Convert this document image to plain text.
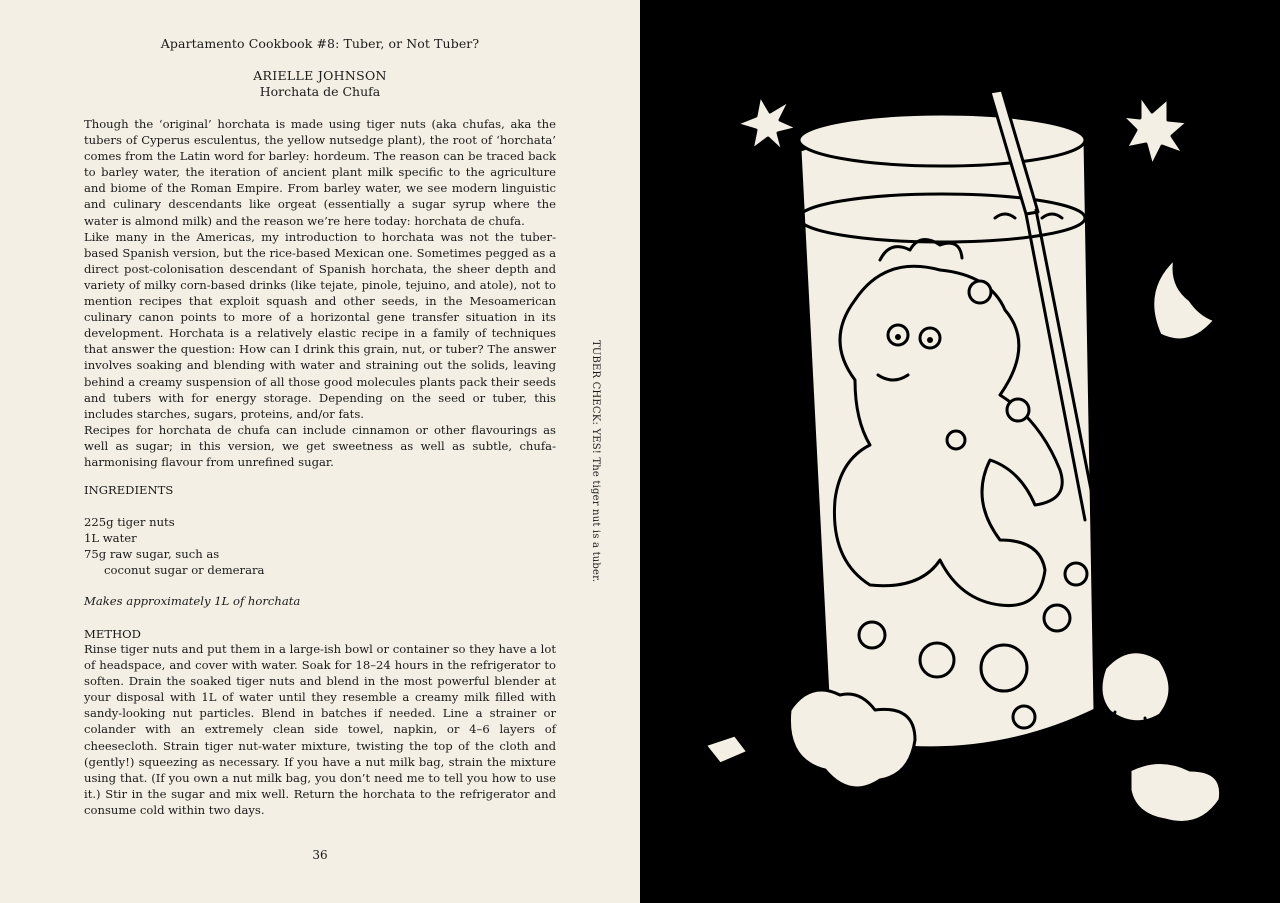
Apartamento Cookbook #8: Tuber, or Not Tuber?
ARIELLE JOHNSON
Horchata de Chufa

Though the ‘original’ horchata is made using tiger nuts (aka chufas, aka the tubers of Cyperus esculentus, the yellow nutsedge plant), the root of ‘horchata’ comes from the Latin word for barley: hordeum. The reason can be traced back to barley water, the iteration of ancient plant milk specific to the agriculture and biome of the Roman Empire. From barley water, we see modern linguistic and culinary descendants like orgeat (essentially a sugar syrup where the water is almond milk) and the reason we’re here today: horchata de chufa.

Like many in the Americas, my introduction to horchata was not the tuber-based Spanish version, but the rice-based Mexican one. Sometimes pegged as a direct post-colonisation descendant of Spanish horchata, the sheer depth and variety of milky corn-based drinks (like tejate, pinole, tejuino, and atole), not to mention recipes that exploit squash and other seeds, in the Mesoamerican culinary canon points to more of a horizontal gene transfer situation in its development. Horchata is a relatively elastic recipe in a family of techniques that answer the question: How can I drink this grain, nut, or tuber? The answer involves soaking and blending with water and straining out the solids, leaving behind a creamy suspension of all those good molecules plants pack their seeds and tubers with for energy storage. Depending on the seed or tuber, this includes starches, sugars, proteins, and/or fats.

Recipes for horchata de chufa can include cinnamon or other flavourings as well as sugar; in this version, we get sweetness as well as subtle, chufa-harmonising flavour from unrefined sugar.

INGREDIENTS
225g tiger nuts
1L water
75g raw sugar, such as
coconut sugar or demerara
Makes approximately 1L of horchata
METHOD

Rinse tiger nuts and put them in a large-ish bowl or container so they have a lot of headspace, and cover with water. Soak for 18–24 hours in the refrigerator to soften. Drain the soaked tiger nuts and blend in the most powerful blender at your disposal with 1L of water until they resemble a creamy milk filled with sandy-looking nut particles. Blend in batches if needed. Line a strainer or colander with an extremely clean side towel, napkin, or 4–6 layers of cheesecloth. Strain tiger nut-water mixture, twisting the top of the cloth and (gently!) squeezing as necessary. If you have a nut milk bag, strain the mixture using that. (If you own a nut milk bag, you don’t need me to tell you how to use it.) Stir in the sugar and mix well. Return the horchata to the refrigerator and consume cold within two days.

36
TUBER CHECK: YES! The tiger nut is a tuber.
